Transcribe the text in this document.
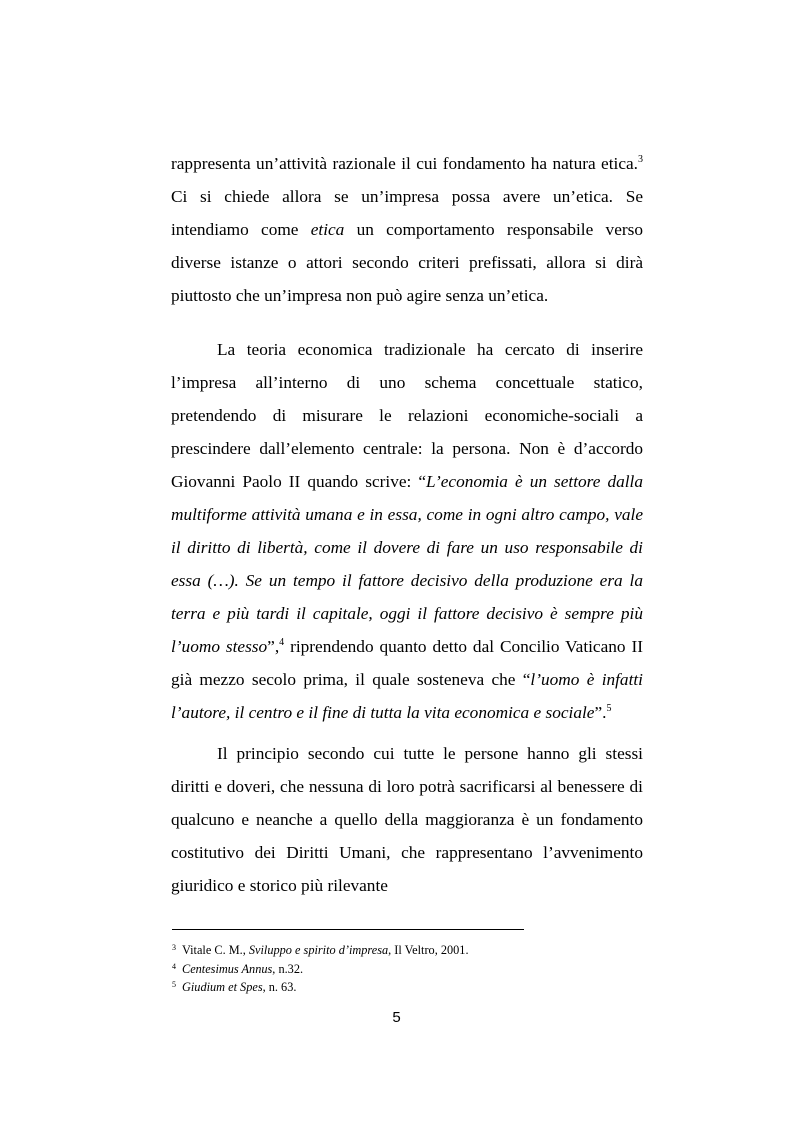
rappresenta un’attività razionale il cui fondamento ha natura etica.$^3$ Ci si chiede allora se un’impresa possa avere un’etica. Se intendiamo come etica un comportamento responsabile verso diverse istanze o attori secondo criteri prefissati, allora si dirà piuttosto che un’impresa non può agire senza un’etica.

La teoria economica tradizionale ha cercato di inserire l’impresa all’interno di uno schema concettuale statico, pretendendo di misurare le relazioni economiche-sociali a prescindere dall’elemento centrale: la persona. Non è d’accordo Giovanni Paolo II quando scrive: “L’economia è un settore dalla multiforme attività umana e in essa, come in ogni altro campo, vale il diritto di libertà, come il dovere di fare un uso responsabile di essa (…). Se un tempo il fattore decisivo della produzione era la terra e più tardi il capitale, oggi il fattore decisivo è sempre più l’uomo stesso”,$^4$ riprendendo quanto detto dal Concilio Vaticano II già mezzo secolo prima, il quale sosteneva che “l’uomo è infatti l’autore, il centro e il fine di tutta la vita economica e sociale”.$^5$

Il principio secondo cui tutte le persone hanno gli stessi diritti e doveri, che nessuna di loro potrà sacrificarsi al benessere di qualcuno e neanche a quello della maggioranza è un fondamento costitutivo dei Diritti Umani, che rappresentano l’avvenimento giuridico e storico più rilevante

$^3$ Vitale C. M., Sviluppo e spirito d’impresa, Il Veltro, 2001.

$^4$ Centesimus Annus, n.32.

$^5$ Giudium et Spes, n. 63.

5
